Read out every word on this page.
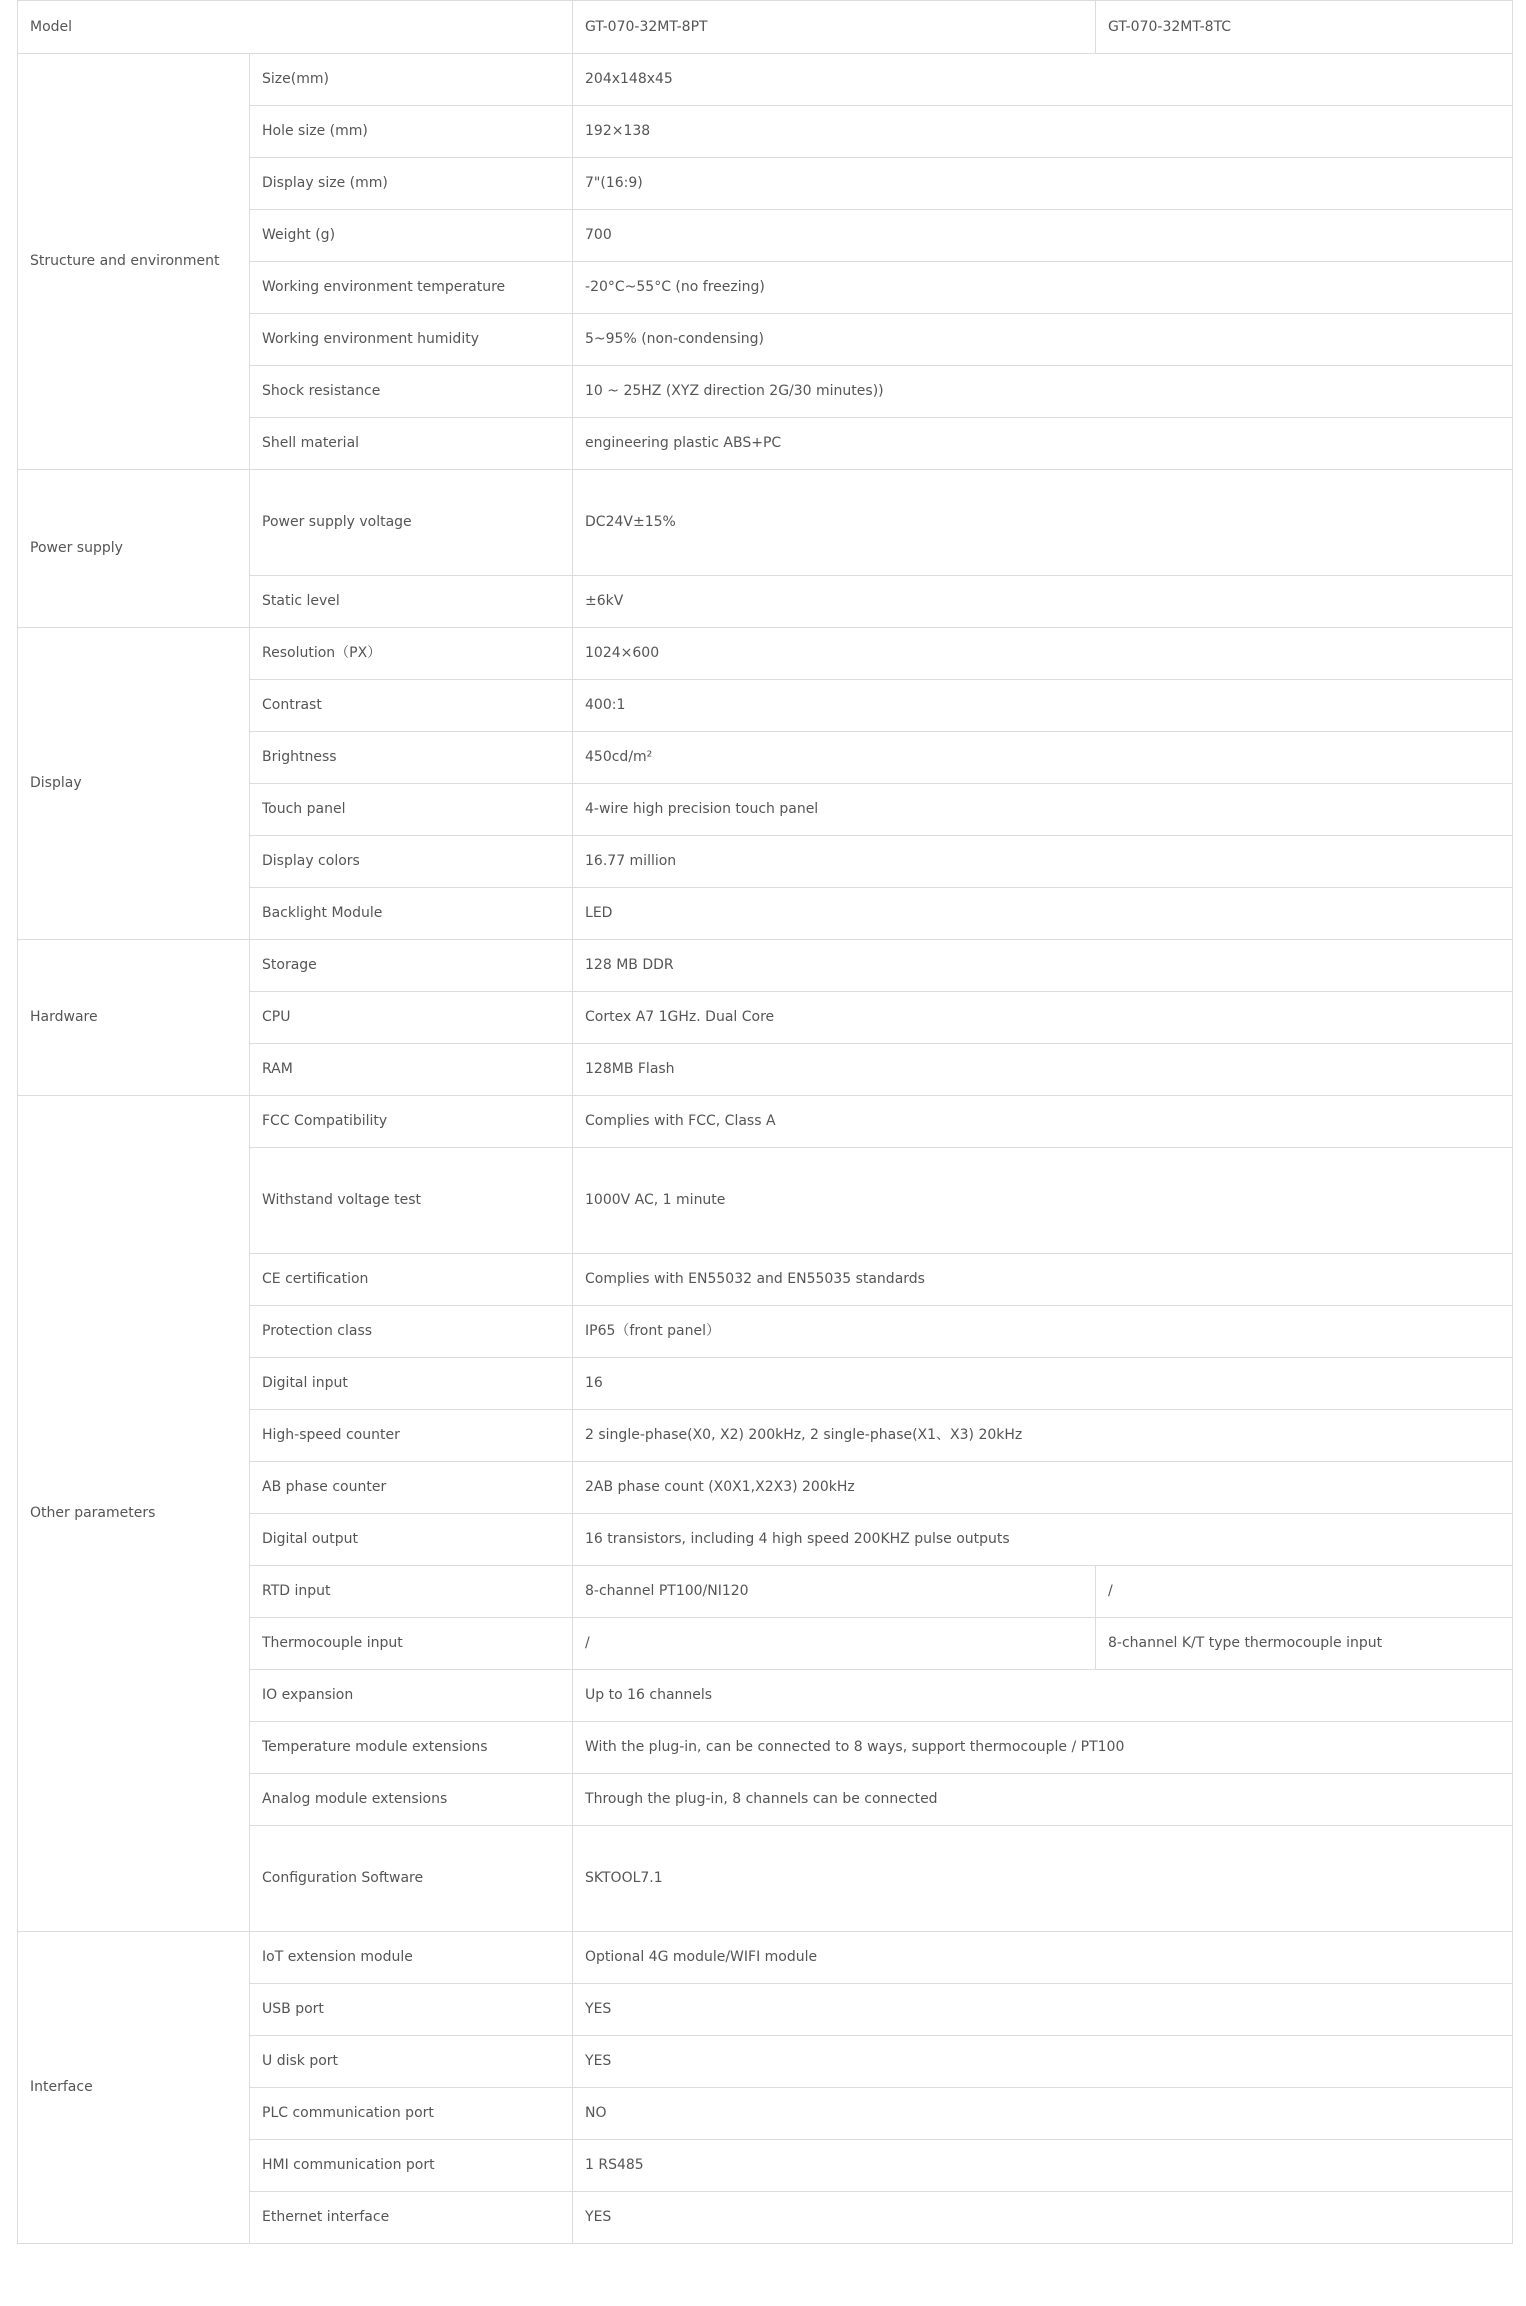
Model		GT-070-32MT-8PT	GT-070-32MT-8TC
Structure and environment	Size(mm)	204x148x45	
	Hole size (mm)	192×138	
	Display size (mm)	7"(16:9)	
	Weight (g)	700	
	Working environment temperature	-20°C~55°C (no freezing)	
	Working environment humidity	5~95% (non-condensing)	
	Shock resistance	10 ~ 25HZ (XYZ direction 2G/30 minutes))	
	Shell material	engineering plastic ABS+PC	
Power supply	Power supply voltage	DC24V±15%	
	Static level	±6kV	
Display	Resolution（PX）	1024×600	
	Contrast	400:1	
	Brightness	450cd/m²	
	Touch panel	4-wire high precision touch panel	
	Display colors	16.77 million	
	Backlight Module	LED	
Hardware	Storage	128 MB DDR	
	CPU	Cortex A7 1GHz. Dual Core	
	RAM	128MB Flash	
Other parameters	FCC Compatibility	Complies with FCC, Class A	
	Withstand voltage test	1000V AC, 1 minute	
	CE certification	Complies with EN55032 and EN55035 standards	
	Protection class	IP65（front panel）	
	Digital input	16	
	High-speed counter	2 single-phase(X0, X2) 200kHz, 2 single-phase(X1、X3) 20kHz	
	AB phase counter	2AB phase count (X0X1,X2X3) 200kHz	
	Digital output	16 transistors, including 4 high speed 200KHZ pulse outputs	
	RTD input	8-channel PT100/NI120	/
	Thermocouple input	/	8-channel K/T type thermocouple input
	IO expansion	Up to 16 channels	
	Temperature module extensions	With the plug-in, can be connected to 8 ways, support thermocouple / PT100	
	Analog module extensions	Through the plug-in, 8 channels can be connected	
	Configuration Software	SKTOOL7.1	
Interface	IoT extension module	Optional 4G module/WIFI module	
	USB port	YES	
	U disk port	YES	
	PLC communication port	NO	
	HMI communication port	1 RS485	
	Ethernet interface	YES	
